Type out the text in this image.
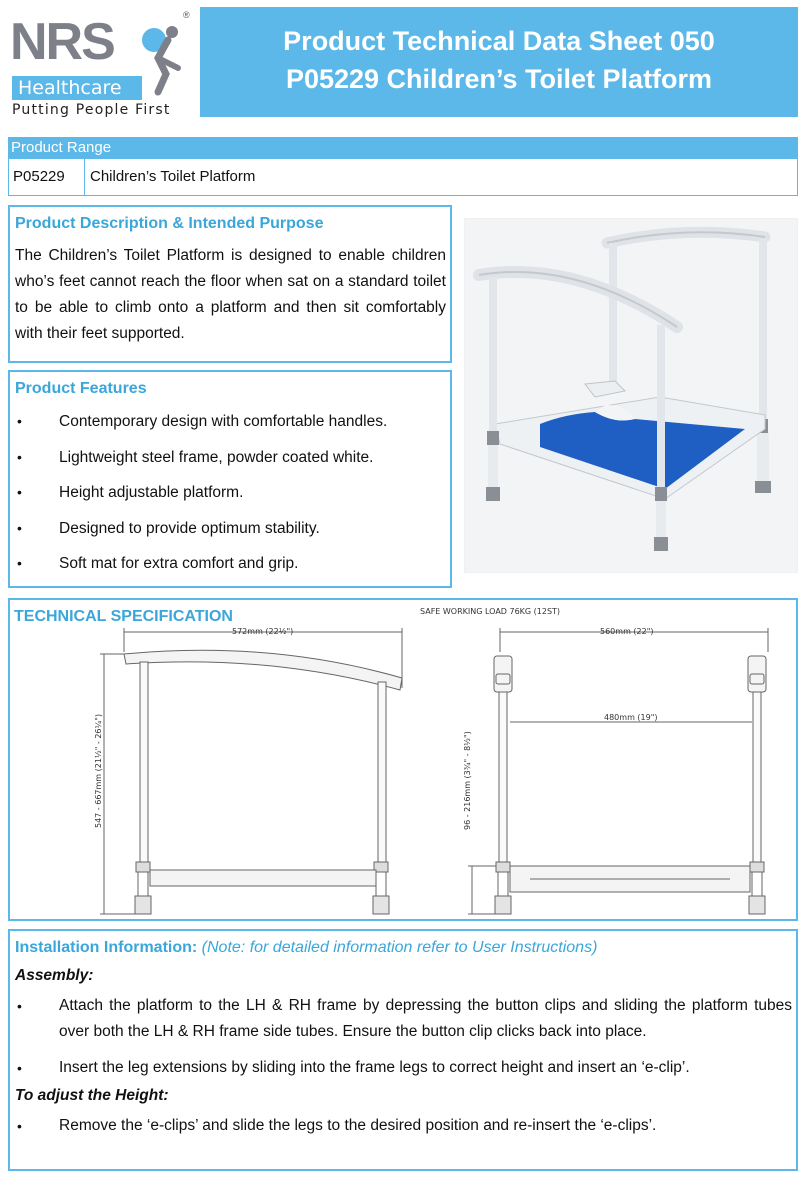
NRS	®
Healthcare
Putting People First
Product Technical Data Sheet 050
P05229 Children’s Toilet Platform
Product Range
P05229	Children’s Toilet Platform
Product Description & Intended Purpose

The Children’s Toilet Platform is designed to enable children who’s feet cannot reach the floor when sat on a standard toilet to be able to climb onto a platform and then sit comfortably with their feet supported.

Product Features
• Contemporary design with comfortable handles.
• Lightweight steel frame, powder coated white.
• Height adjustable platform.
• Designed to provide optimum stability.
• Soft mat for extra comfort and grip.
SAFE WORKING LOAD 76KG (12ST)
572mm (22½")
547 - 667mm (21½" - 26¼")
560mm (22")
480mm (19")
96 - 216mm (3¾" - 8½")
TECHNICAL SPECIFICATION
Installation Information: (Note: for detailed information refer to User Instructions)
Assembly:
• Attach the platform to the LH & RH frame by depressing the button clips and sliding the platform tubes over both the LH & RH frame side tubes. Ensure the button clip clicks back into place.
• Insert the leg extensions by sliding into the frame legs to correct height and insert an ‘e-clip’.
To adjust the Height:
• Remove the ‘e-clips’ and slide the legs to the desired position and re-insert the ‘e-clips’.
